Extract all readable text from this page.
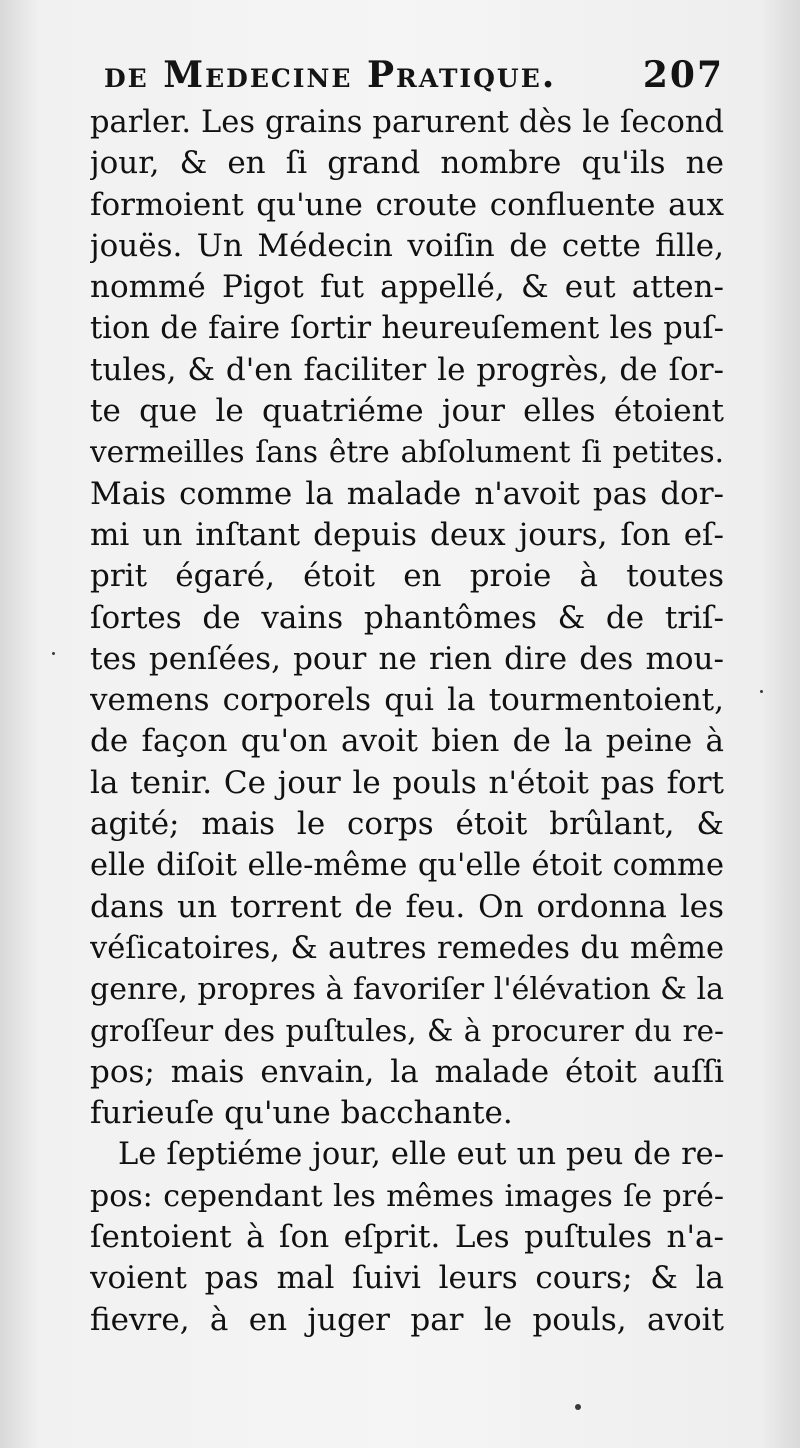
de Medecine Pratique. 207
parler. Les grains parurent dès le ſecond
jour, & en ſi grand nombre qu'ils ne
formoient qu'une croute confluente aux
jouës. Un Médecin voiſin de cette fille,
nommé Pigot fut appellé, & eut atten-
tion de faire ſortir heureuſement les puſ-
tules, & d'en faciliter le progrès, de ſor-
te que le quatriéme jour elles étoient
vermeilles ſans être abſolument ſi petites.
Mais comme la malade n'avoit pas dor-
mi un inſtant depuis deux jours, ſon eſ-
prit égaré, étoit en proie à toutes
ſortes de vains phantômes & de triſ-
tes penſées, pour ne rien dire des mou-
vemens corporels qui la tourmentoient,
de façon qu'on avoit bien de la peine à
la tenir. Ce jour le pouls n'étoit pas fort
agité; mais le corps étoit brûlant, &
elle diſoit elle-même qu'elle étoit comme
dans un torrent de feu. On ordonna les
véſicatoires, & autres remedes du même
genre, propres à favoriſer l'élévation & la
groſſeur des puſtules, & à procurer du re-
pos; mais envain, la malade étoit auſſi
furieuſe qu'une bacchante.
Le ſeptiéme jour, elle eut un peu de re-
pos: cependant les mêmes images ſe pré-
ſentoient à ſon eſprit. Les puſtules n'a-
voient pas mal ſuivi leurs cours; & la
fievre, à en juger par le pouls, avoit
